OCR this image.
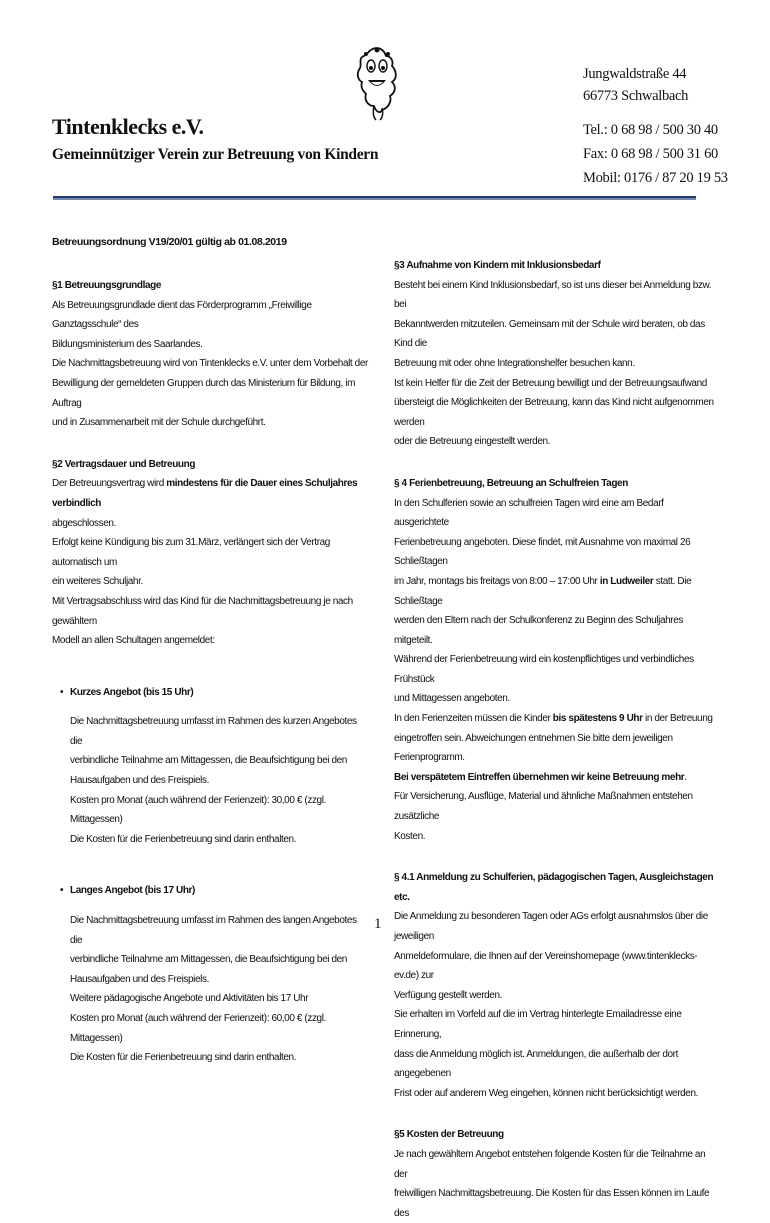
Tintenklecks e.V.
Gemeinnütziger Verein zur Betreuung von Kindern
Jungwaldstraße 44
66773 Schwalbach
Tel.: 0 68 98 / 500 30 40
Fax: 0 68 98 / 500 31 60
Mobil: 0176 / 87 20 19 53
Betreuungsordnung V19/20/01 gültig ab 01.08.2019

§1 Betreuungsgrundlage

Als Betreuungsgrundlade dient das Förderprogramm „Freiwillige Ganztagsschule“ des

Bildungsministerium des Saarlandes.

Die Nachmittagsbetreuung wird von Tintenklecks e.V. unter dem Vorbehalt der

Bewilligung der gemeldeten Gruppen durch das Ministerium für Bildung, im Auftrag

und in Zusammenarbeit mit der Schule durchgeführt.

§2 Vertragsdauer und Betreuung

Der Betreuungsvertrag wird mindestens für die Dauer eines Schuljahres verbindlich

abgeschlossen.

Erfolgt keine Kündigung bis zum 31.März, verlängert sich der Vertrag automatisch um

ein weiteres Schuljahr.

Mit Vertragsabschluss wird das Kind für die Nachmittagsbetreuung je nach gewähltem

Modell an allen Schultagen angemeldet:

• Kurzes Angebot (bis 15 Uhr)

Die Nachmittagsbetreuung umfasst im Rahmen des kurzen Angebotes die

verbindliche Teilnahme am Mittagessen, die Beaufsichtigung bei den

Hausaufgaben und des Freispiels.

Kosten pro Monat (auch während der Ferienzeit): 30,00 € (zzgl. Mittagessen)

Die Kosten für die Ferienbetreuung sind darin enthalten.

• Langes Angebot (bis 17 Uhr)

Die Nachmittagsbetreuung umfasst im Rahmen des langen Angebotes die

verbindliche Teilnahme am Mittagessen, die Beaufsichtigung bei den

Hausaufgaben und des Freispiels.

Weitere pädagogische Angebote und Aktivitäten bis 17 Uhr

Kosten pro Monat (auch während der Ferienzeit): 60,00 € (zzgl. Mittagessen)

Die Kosten für die Ferienbetreuung sind darin enthalten.

§3 Aufnahme von Kindern mit Inklusionsbedarf

Besteht bei einem Kind Inklusionsbedarf, so ist uns dieser bei Anmeldung bzw. bei

Bekanntwerden mitzuteilen. Gemeinsam mit der Schule wird beraten, ob das Kind die

Betreuung mit oder ohne Integrationshelfer besuchen kann.

Ist kein Helfer für die Zeit der Betreuung bewilligt und der Betreuungsaufwand

übersteigt die Möglichkeiten der Betreuung, kann das Kind nicht aufgenommen werden

oder die Betreuung eingestellt werden.

§ 4 Ferienbetreuung, Betreuung an Schulfreien Tagen

In den Schulferien sowie an schulfreien Tagen wird eine am Bedarf ausgerichtete

Ferienbetreuung angeboten. Diese findet, mit Ausnahme von maximal 26 Schließtagen

im Jahr, montags bis freitags von 8:00 – 17:00 Uhr in Ludweiler statt. Die Schließtage

werden den Eltern nach der Schulkonferenz zu Beginn des Schuljahres mitgeteilt.

Während der Ferienbetreuung wird ein kostenpflichtiges und verbindliches Frühstück

und Mittagessen angeboten.

In den Ferienzeiten müssen die Kinder bis spätestens 9 Uhr in der Betreuung

eingetroffen sein. Abweichungen entnehmen Sie bitte dem jeweiligen Ferienprogramm.

Bei verspätetem Eintreffen übernehmen wir keine Betreuung mehr.

Für Versicherung, Ausflüge, Material und ähnliche Maßnahmen entstehen zusätzliche

Kosten.

§ 4.1 Anmeldung zu Schulferien, pädagogischen Tagen, Ausgleichstagen etc.

Die Anmeldung zu besonderen Tagen oder AGs erfolgt ausnahmslos über die jeweiligen

Anmeldeformulare, die Ihnen auf der Vereinshomepage (www.tintenklecks-ev.de) zur

Verfügung gestellt werden.

Sie erhalten im Vorfeld auf die im Vertrag hinterlegte Emailadresse eine Erinnerung,

dass die Anmeldung möglich ist. Anmeldungen, die außerhalb der dort angegebenen

Frist oder auf anderem Weg eingehen, können nicht berücksichtigt werden.

§5 Kosten der Betreuung

Je nach gewähltem Angebot entstehen folgende Kosten für die Teilnahme an der

freiwilligen Nachmittagsbetreuung. Die Kosten für das Essen können im Laufe des

1
